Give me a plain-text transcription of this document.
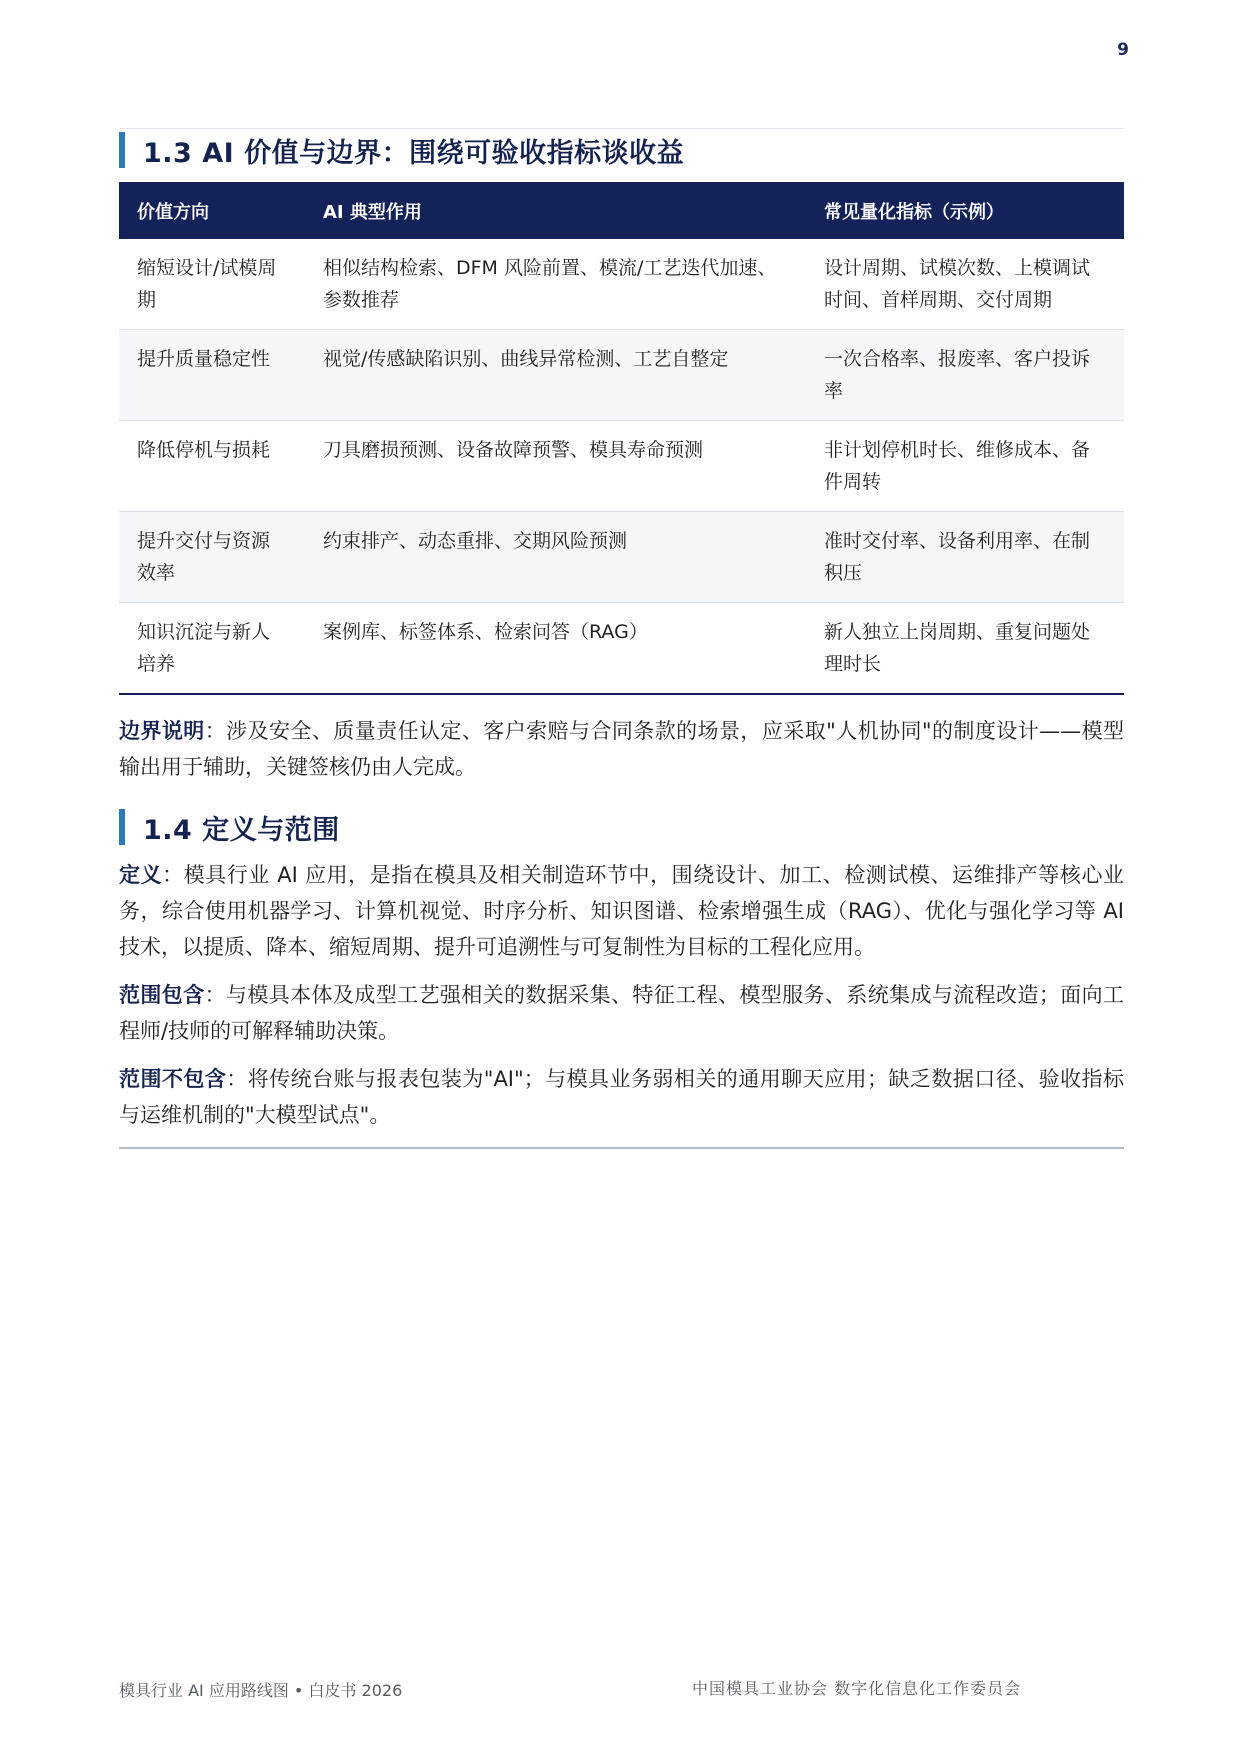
9
1.3 AI 价值与边界：围绕可验收指标谈收益
价值方向	AI 典型作用	常见量化指标（示例）
缩短设计/试模周期	相似结构检索、DFM 风险前置、模流/工艺迭代加速、参数推荐	设计周期、试模次数、上模调试时间、首样周期、交付周期
提升质量稳定性	视觉/传感缺陷识别、曲线异常检测、工艺自整定	一次合格率、报废率、客户投诉率
降低停机与损耗	刀具磨损预测、设备故障预警、模具寿命预测	非计划停机时长、维修成本、备件周转
提升交付与资源效率	约束排产、动态重排、交期风险预测	准时交付率、设备利用率、在制积压
知识沉淀与新人培养	案例库、标签体系、检索问答（RAG）	新人独立上岗周期、重复问题处理时长

边界说明：涉及安全、质量责任认定、客户索赔与合同条款的场景，应采取"人机协同"的制度设计——模型输出用于辅助，关键签核仍由人完成。

1.4 定义与范围

定义：模具行业 AI 应用，是指在模具及相关制造环节中，围绕设计、加工、检测试模、运维排产等核心业务，综合使用机器学习、计算机视觉、时序分析、知识图谱、检索增强生成（RAG）、优化与强化学习等 AI 技术，以提质、降本、缩短周期、提升可追溯性与可复制性为目标的工程化应用。

范围包含：与模具本体及成型工艺强相关的数据采集、特征工程、模型服务、系统集成与流程改造；面向工程师/技师的可解释辅助决策。

范围不包含：将传统台账与报表包装为"AI"；与模具业务弱相关的通用聊天应用；缺乏数据口径、验收指标与运维机制的"大模型试点"。

模具行业 AI 应用路线图 • 白皮书 2026	中国模具工业协会 数字化信息化工作委员会
